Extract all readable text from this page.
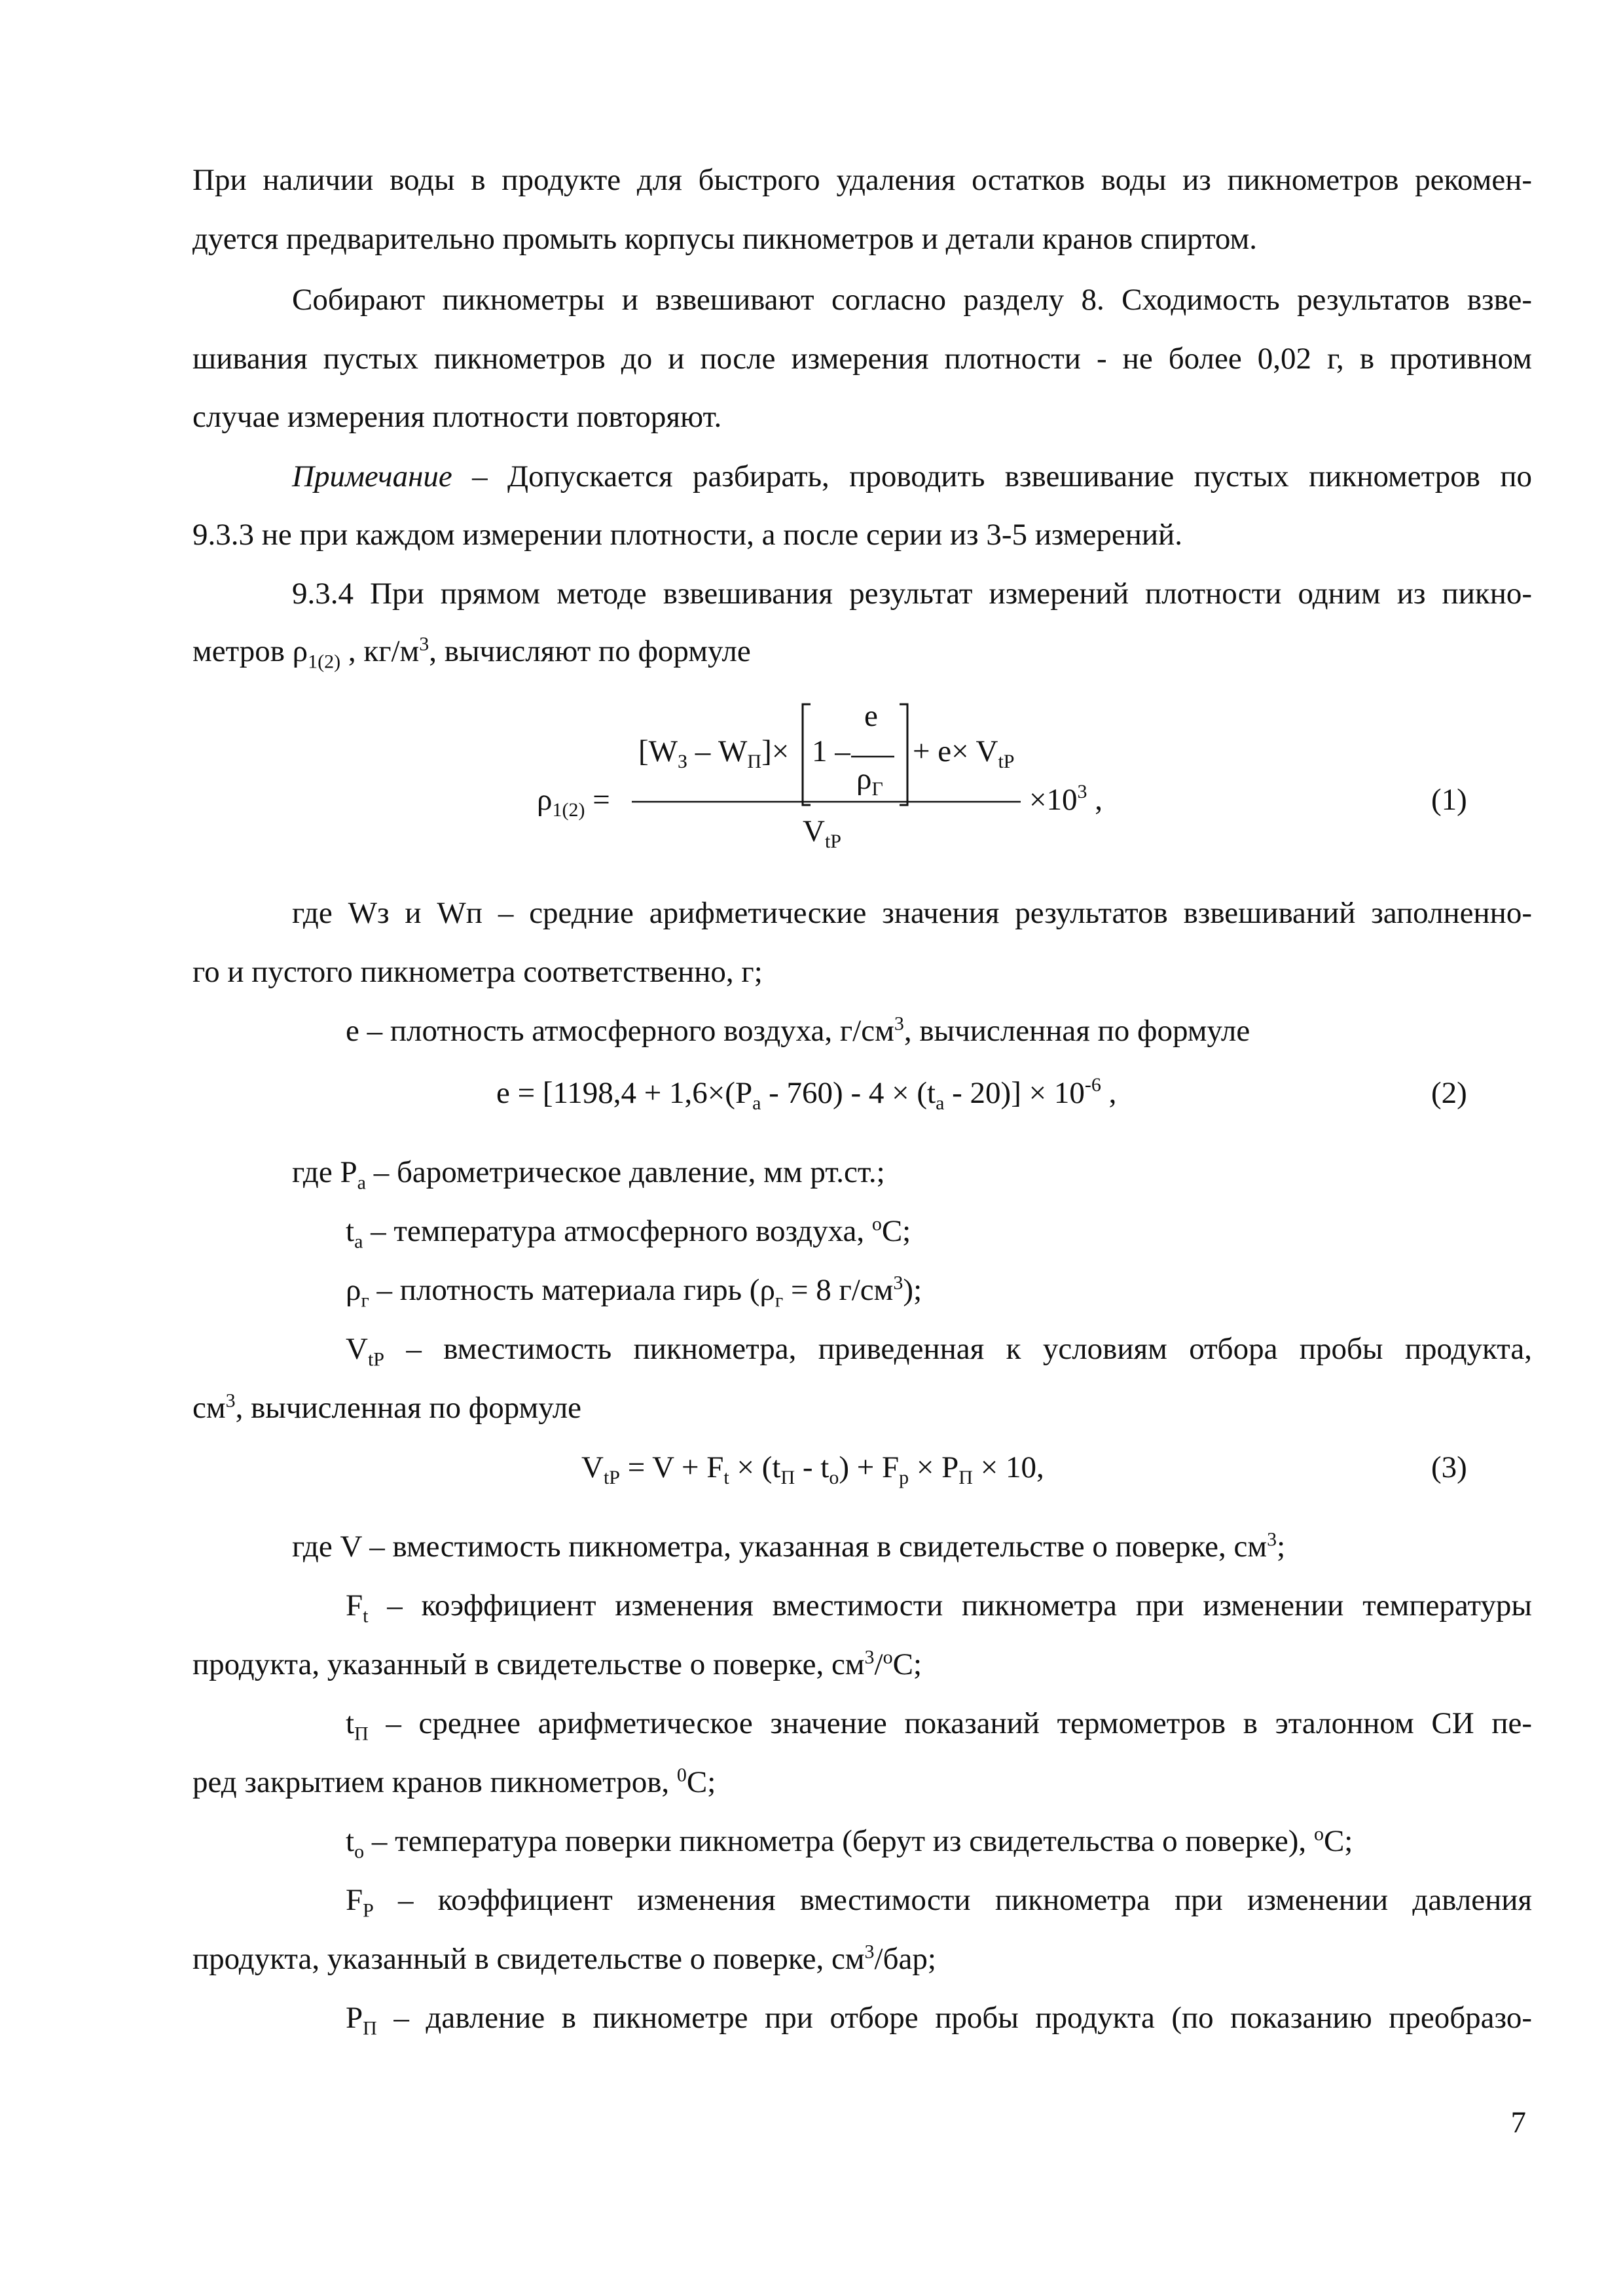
При наличии воды в продукте для быстрого удаления остатков воды из пикнометров рекомен-
дуется предварительно промыть корпусы пикнометров и детали кранов спиртом.
Собирают пикнометры и взвешивают согласно разделу 8. Сходимость результатов взве-
шивания пустых пикнометров до и после измерения плотности - не более 0,02 г, в противном
случае измерения плотности повторяют.
Примечание – Допускается разбирать, проводить взвешивание пустых пикнометров по
9.3.3 не при каждом измерении плотности, а после серии из 3-5 измерений.
9.3.4 При прямом методе взвешивания результат измерений плотности одним из пикно-
метров $\rho_{1(2)}$ , $кг/м^3$, вычисляют по формуле
$\rho_{1(2)}$ =
$[W_З - W_П]\times 1$ –
e
$\rho_Г$
+ $e\times V_{tP}$
$V_{tP}$
$\times 10^3$ ,	(1)
где Wз и Wп – средние арифметические значения результатов взвешиваний заполненно-
го и пустого пикнометра соответственно, г;
е – плотность атмосферного воздуха, $г/см^3$, вычисленная по формуле
$е = [1198,4 + 1,6\times(Р_a - 760) - 4 \times (t_a - 20)] \times 10^{-6}$ ,	(2)
где $Р_а$ – барометрическое давление, мм рт.ст.;
$t_a$ – температура атмосферного воздуха, $^o$С;
$\rho_г$ – плотность материала гирь ($\rho_г = 8$ $г/см^3$);
$V_{tP}$ – вместимость пикнометра, приведенная к условиям отбора пробы продукта,
$см^3$, вычисленная по формуле
$V_{tP} = V + F_t \times (t_П - t_o) + F_p \times P_П \times 10$,	(3)
где V – вместимость пикнометра, указанная в свидетельстве о поверке, $см^3$;
$F_t$ – коэффициент изменения вместимости пикнометра при изменении температуры
продукта, указанный в свидетельстве о поверке, $см^3/^oС$;
$t_П$ – среднее арифметическое значение показаний термометров в эталонном СИ пе-
ред закрытием кранов пикнометров, $^0$С;
$t_o$ – температура поверки пикнометра (берут из свидетельства о поверке), $^o$С;
$F_P$ – коэффициент изменения вместимости пикнометра при изменении давления
продукта, указанный в свидетельстве о поверке, $см^3$/бар;
$P_П$ – давление в пикнометре при отборе пробы продукта (по показанию преобразо-
7
